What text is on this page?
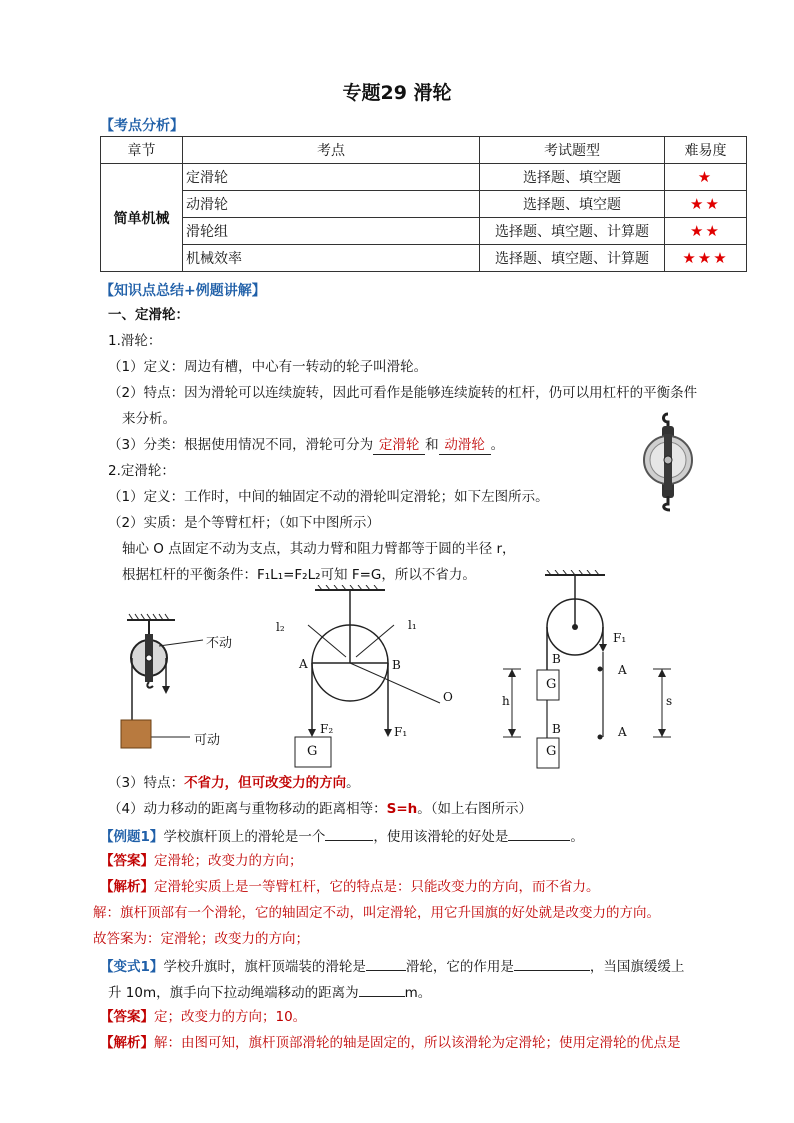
专题29 滑轮
【考点分析】
章节	考点	考试题型	难易度
简单机械	定滑轮	选择题、填空题	★
	动滑轮	选择题、填空题	★★
	滑轮组	选择题、填空题、计算题	★★
	机械效率	选择题、填空题、计算题	★★★
【知识点总结+例题讲解】
一、定滑轮：
1.滑轮：
（1）定义：周边有槽，中心有一转动的轮子叫滑轮。
（2）特点：因为滑轮可以连续旋转，因此可看作是能够连续旋转的杠杆，仍可以用杠杆的平衡条件
来分析。
（3）分类：根据使用情况不同，滑轮可分为 定滑轮 和 动滑轮 。
2.定滑轮：
（1）定义：工作时，中间的轴固定不动的滑轮叫定滑轮；如下左图所示。
（2）实质：是个等臂杠杆；（如下中图所示）
轴心 O 点固定不动为支点，其动力臂和阻力臂都等于圆的半径 r，
根据杠杆的平衡条件：F₁L₁=F₂L₂可知 F=G，所以不省力。
不动
可动
l₂	l₁
A	B
O
F₂	F₁
G
F₁
B
B
A
A
h	s
G
G
（3）特点：不省力，但可改变力的方向。
（4）动力移动的距离与重物移动的距离相等：S=h。（如上右图所示）
【例题1】学校旗杆顶上的滑轮是一个	，使用该滑轮的好处是	。
【答案】定滑轮；改变力的方向；
【解析】定滑轮实质上是一等臂杠杆，它的特点是：只能改变力的方向，而不省力。
解：旗杆顶部有一个滑轮，它的轴固定不动，叫定滑轮，用它升国旗的好处就是改变力的方向。
故答案为：定滑轮；改变力的方向；
【变式1】学校升旗时，旗杆顶端装的滑轮是	滑轮，它的作用是	，当国旗缓缓上
升 10m，旗手向下拉动绳端移动的距离为	m。
【答案】定；改变力的方向；10。
【解析】解：由图可知，旗杆顶部滑轮的轴是固定的，所以该滑轮为定滑轮；使用定滑轮的优点是
